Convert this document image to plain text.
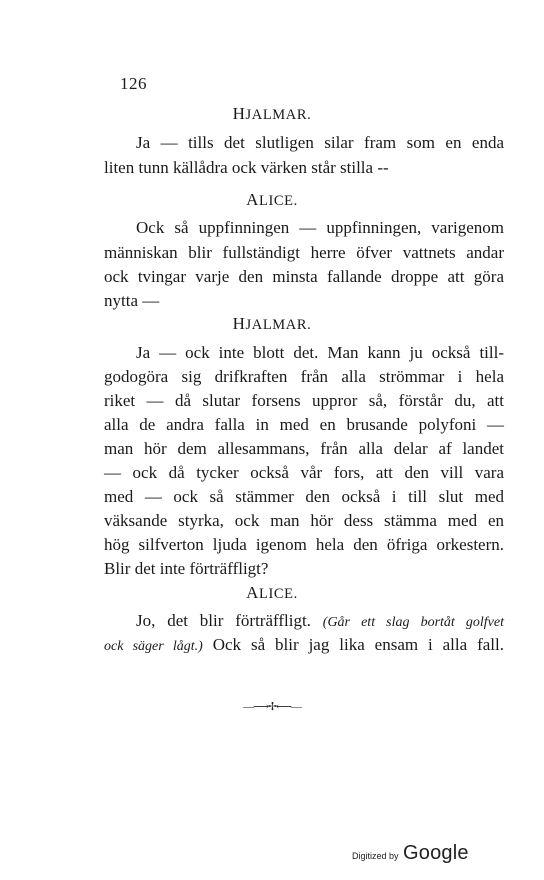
126
HJALMAR.
Ja — tills det slutligen silar fram som en enda
liten tunn källådra ock värken står stilla --
ALICE.
Ock så uppfinningen — uppfinningen, varigenom
människan blir fullständigt herre öfver vattnets andar
ock tvingar varje den minsta fallande droppe att göra
nytta —
HJALMAR.
Ja — ock inte blott det. Man kann ju också till-
godogöra sig drifkraften från alla strömmar i hela
riket — då slutar forsens uppror så, förstår du, att
alla de andra falla in med en brusande polyfoni —
man hör dem allesammans, från alla delar af landet
— ock då tycker också vår fors, att den vill vara
med — ock så stämmer den också i till slut med
väksande styrka, ock man hör dess stämma med en
hög silfverton ljuda igenom hela den öfriga orkestern.
Blir det inte förträffligt?
ALICE.
Jo, det blir förträffligt. (Går ett slag bortåt golfvet
ock säger lågt.) Ock så blir jag lika ensam i alla fall.
—⟶✢⟵—
Digitized by Google
